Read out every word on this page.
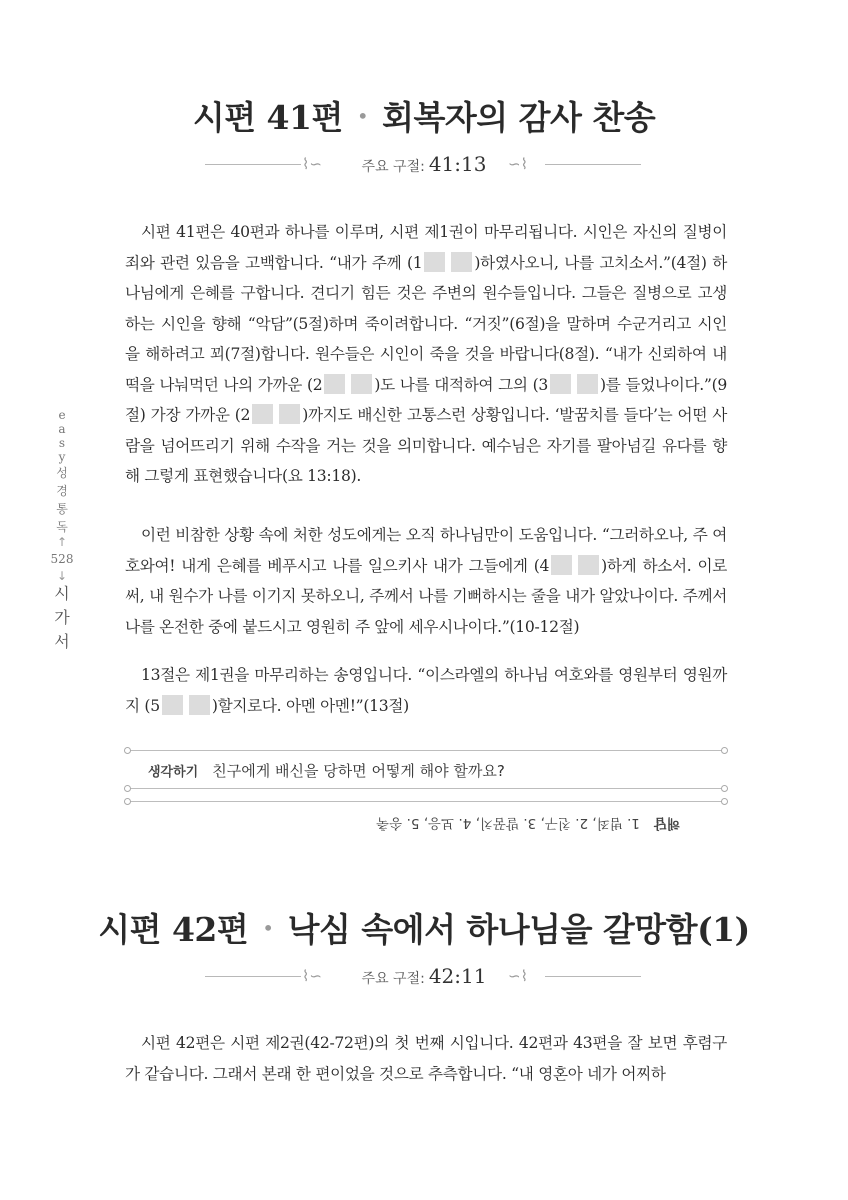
시편 41편 • 회복자의 감사 찬송
⌇∽	∽⌇
주요 구절: 41:13

시편 41편은 40편과 하나를 이루며, 시편 제1권이 마무리됩니다. 시인은 자신의 질병이 죄와 관련 있음을 고백합니다. “내가 주께 (1	)하였사오니, 나를 고치소서.”(4절) 하나님에게 은혜를 구합니다. 견디기 힘든 것은 주변의 원수들입니다. 그들은 질병으로 고생하는 시인을 향해 “악담”(5절)하며 죽이려합니다. “거짓”(6절)을 말하며 수군거리고 시인을 해하려고 꾀(7절)합니다. 원수들은 시인이 죽을 것을 바랍니다(8절). “내가 신뢰하여 내 떡을 나눠먹던 나의 가까운 (2	)도 나를 대적하여 그의 (3	)를 들었나이다.”(9절) 가장 가까운 (2	)까지도 배신한 고통스런 상황입니다. ‘발꿈치를 들다’는 어떤 사람을 넘어뜨리기 위해 수작을 거는 것을 의미합니다. 예수님은 자기를 팔아넘길 유다를 향해 그렇게 표현했습니다(요 13:18).

이런 비참한 상황 속에 처한 성도에게는 오직 하나님만이 도움입니다. “그러하오나, 주 여호와여! 내게 은혜를 베푸시고 나를 일으키사 내가 그들에게 (4	)하게 하소서. 이로써, 내 원수가 나를 이기지 못하오니, 주께서 나를 기뻐하시는 줄을 내가 알았나이다. 주께서 나를 온전한 중에 붙드시고 영원히 주 앞에 세우시나이다.”(10-12절)

13절은 제1권을 마무리하는 송영입니다. “이스라엘의 하나님 여호와를 영원부터 영원까지 (5	)할지로다. 아멘 아멘!”(13절)

e
a
s
y
성
경
통
독
↑
528
↓
시
가
서
생각하기 친구에게 배신을 당하면 어떻게 해야 할까요?
해답1. 범죄, 2. 친구, 3. 발꿈치, 4. 보응, 5. 송축
시편 42편 • 낙심 속에서 하나님을 갈망함(1)
⌇∽	∽⌇
주요 구절: 42:11

시편 42편은 시편 제2권(42-72편)의 첫 번째 시입니다. 42편과 43편을 잘 보면 후렴구가 같습니다. 그래서 본래 한 편이었을 것으로 추측합니다. “내 영혼아 네가 어찌하
